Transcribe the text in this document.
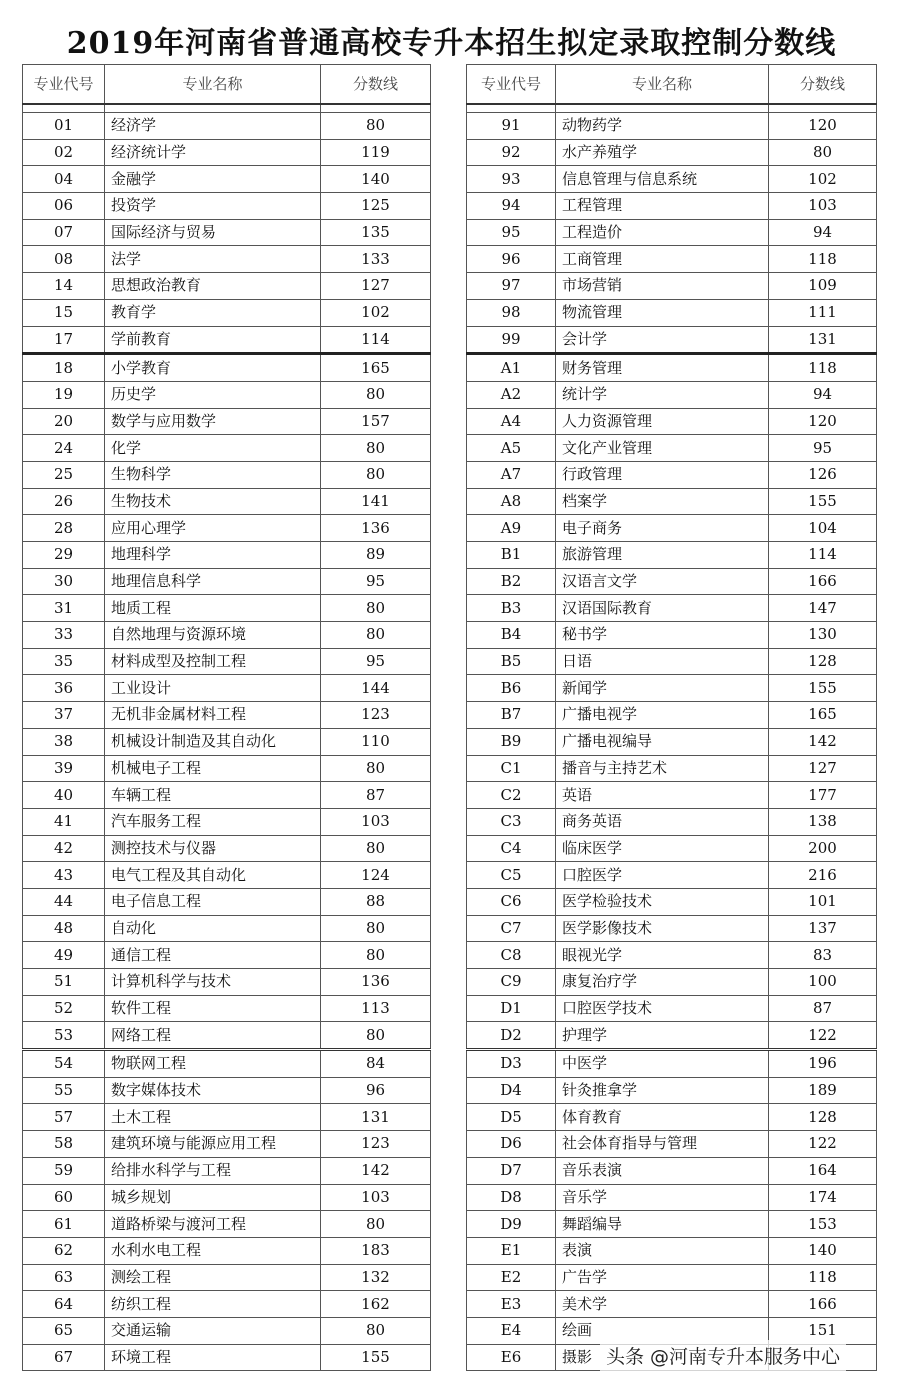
2019年河南省普通高校专升本招生拟定录取控制分数线
专业代号	专业名称	分数线

01	经济学	80
02	经济统计学	119
04	金融学	140
06	投资学	125
07	国际经济与贸易	135
08	法学	133
14	思想政治教育	127
15	教育学	102
17	学前教育	114
18	小学教育	165
19	历史学	80
20	数学与应用数学	157
24	化学	80
25	生物科学	80
26	生物技术	141
28	应用心理学	136
29	地理科学	89
30	地理信息科学	95
31	地质工程	80
33	自然地理与资源环境	80
35	材料成型及控制工程	95
36	工业设计	144
37	无机非金属材料工程	123
38	机械设计制造及其自动化	110
39	机械电子工程	80
40	车辆工程	87
41	汽车服务工程	103
42	测控技术与仪器	80
43	电气工程及其自动化	124
44	电子信息工程	88
48	自动化	80
49	通信工程	80
51	计算机科学与技术	136
52	软件工程	113
53	网络工程	80
54	物联网工程	84
55	数字媒体技术	96
57	土木工程	131
58	建筑环境与能源应用工程	123
59	给排水科学与工程	142
60	城乡规划	103
61	道路桥梁与渡河工程	80
62	水利水电工程	183
63	测绘工程	132
64	纺织工程	162
65	交通运输	80
67	环境工程	155
专业代号	专业名称	分数线

91	动物药学	120
92	水产养殖学	80
93	信息管理与信息系统	102
94	工程管理	103
95	工程造价	94
96	工商管理	118
97	市场营销	109
98	物流管理	111
99	会计学	131
A1	财务管理	118
A2	统计学	94
A4	人力资源管理	120
A5	文化产业管理	95
A7	行政管理	126
A8	档案学	155
A9	电子商务	104
B1	旅游管理	114
B2	汉语言文学	166
B3	汉语国际教育	147
B4	秘书学	130
B5	日语	128
B6	新闻学	155
B7	广播电视学	165
B9	广播电视编导	142
C1	播音与主持艺术	127
C2	英语	177
C3	商务英语	138
C4	临床医学	200
C5	口腔医学	216
C6	医学检验技术	101
C7	医学影像技术	137
C8	眼视光学	83
C9	康复治疗学	100
D1	口腔医学技术	87
D2	护理学	122
D3	中医学	196
D4	针灸推拿学	189
D5	体育教育	128
D6	社会体育指导与管理	122
D7	音乐表演	164
D8	音乐学	174
D9	舞蹈编导	153
E1	表演	140
E2	广告学	118
E3	美术学	166
E4	绘画	151
E6	摄影	头条 @河南专升本服务中心
